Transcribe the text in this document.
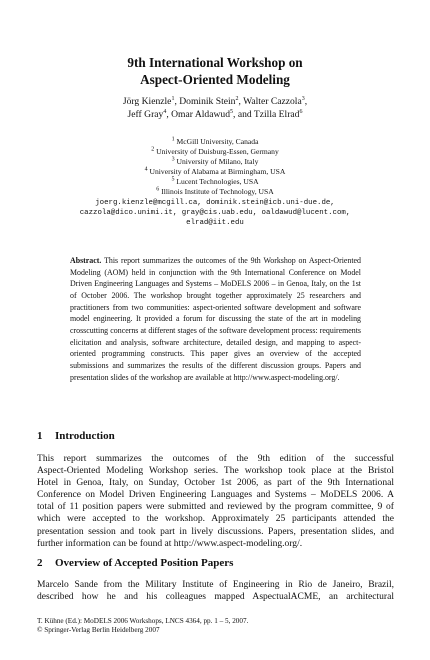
9th International Workshop on
Aspect-Oriented Modeling
Jörg Kienzle$^1$, Dominik Stein$^2$, Walter Cazzola$^3$,
Jeff Gray$^4$, Omar Aldawud$^5$, and Tzilla Elrad$^6$
$^1$ McGill University, Canada
$^2$ University of Duisburg-Essen, Germany
$^3$ University of Milano, Italy
$^4$ University of Alabama at Birmingham, USA
$^5$ Lucent Technologies, USA
$^6$ Illinois Institute of Technology, USA
joerg.kienzle@mcgill.ca, dominik.stein@icb.uni-due.de,
cazzola@dico.unimi.it, gray@cis.uab.edu, oaldawud@lucent.com,
elrad@iit.edu
Abstract. This report summarizes the outcomes of the 9th Workshop on Aspect-Oriented Modeling (AOM) held in conjunction with the 9th International Conference on Model Driven Engineering Languages and Systems – MoDELS 2006 – in Genoa, Italy, on the 1st of October 2006. The workshop brought together approximately 25 researchers and practitioners from two communities: aspect-oriented software development and software model engineering. It provided a forum for discussing the state of the art in modeling crosscutting concerns at different stages of the software development process: requirements elicitation and analysis, software architecture, detailed design, and mapping to aspect-oriented programming constructs. This paper gives an overview of the accepted submissions and summarizes the results of the different discussion groups. Papers and presentation slides of the workshop are available at http://www.aspect-modeling.org/.
1 Introduction
This report summarizes the outcomes of the 9th edition of the successful
Aspect-Oriented Modeling Workshop series. The workshop took place at the Bristol
Hotel in Genoa, Italy, on Sunday, October 1st 2006, as part of the 9th International
Conference on Model Driven Engineering Languages and Systems – MoDELS 2006. A
total of 11 position papers were submitted and reviewed by the program committee, 9 of
which were accepted to the workshop. Approximately 25 participants attended the
presentation session and took part in lively discussions. Papers, presentation slides, and
further information can be found at http://www.aspect-modeling.org/.
2 Overview of Accepted Position Papers
Marcelo Sande from the Military Institute of Engineering in Rio de Janeiro, Brazil,
described how he and his colleagues mapped AspectualACME, an architectural
T. Kühne (Ed.): MoDELS 2006 Workshops, LNCS 4364, pp. 1 – 5, 2007.
© Springer-Verlag Berlin Heidelberg 2007
